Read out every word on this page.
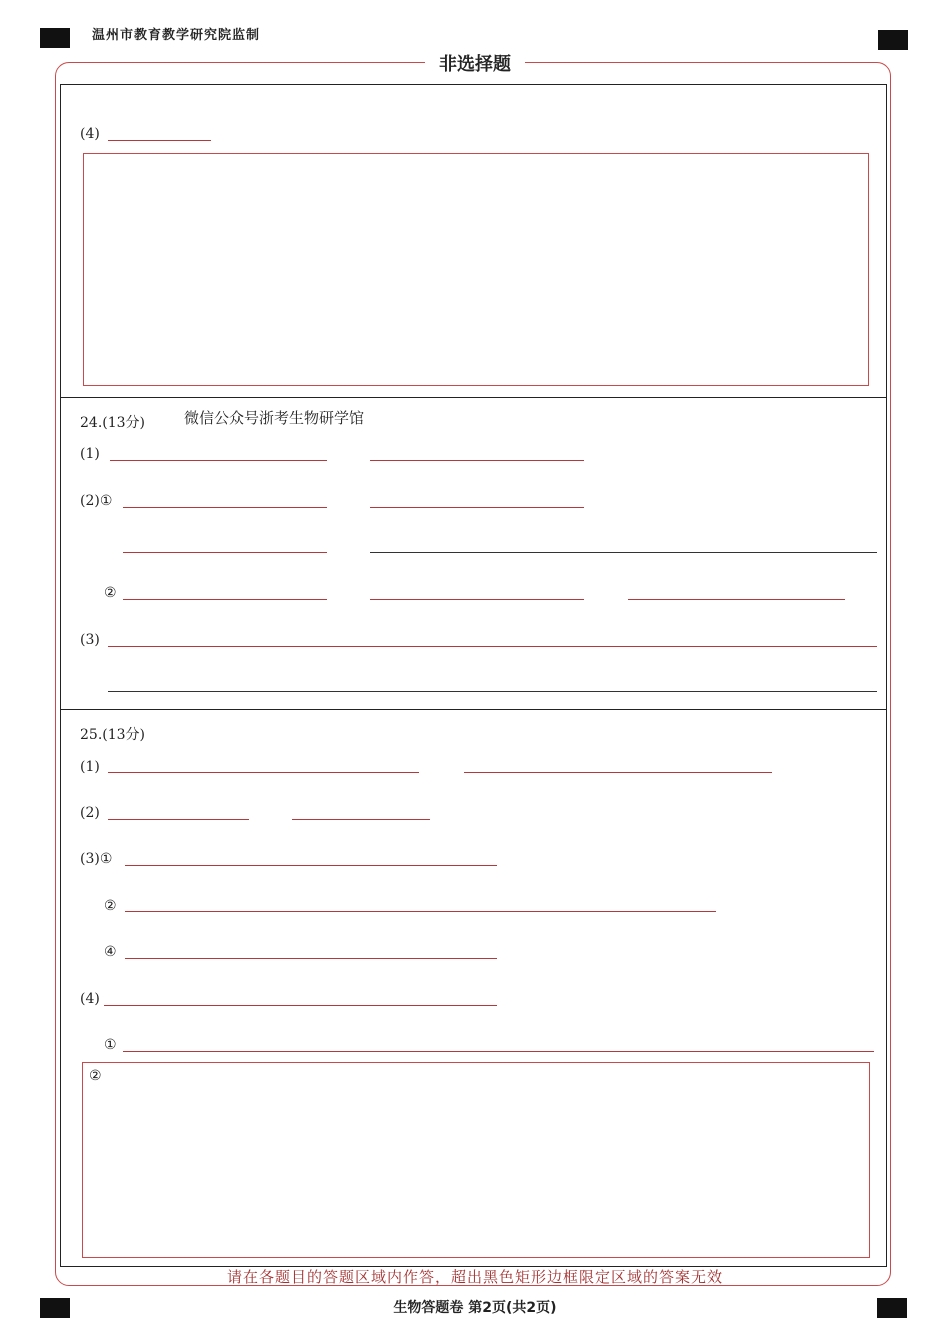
温州市教育教学研究院监制
非选择题
(4)
24.(13分)	微信公众号浙考生物研学馆
(1)
(2)①
②
(3)
25.(13分)
(1)
(2)
(3)①
②
④
(4)
①
②
请在各题目的答题区域内作答，超出黑色矩形边框限定区域的答案无效
生物答题卷 第2页(共2页)
